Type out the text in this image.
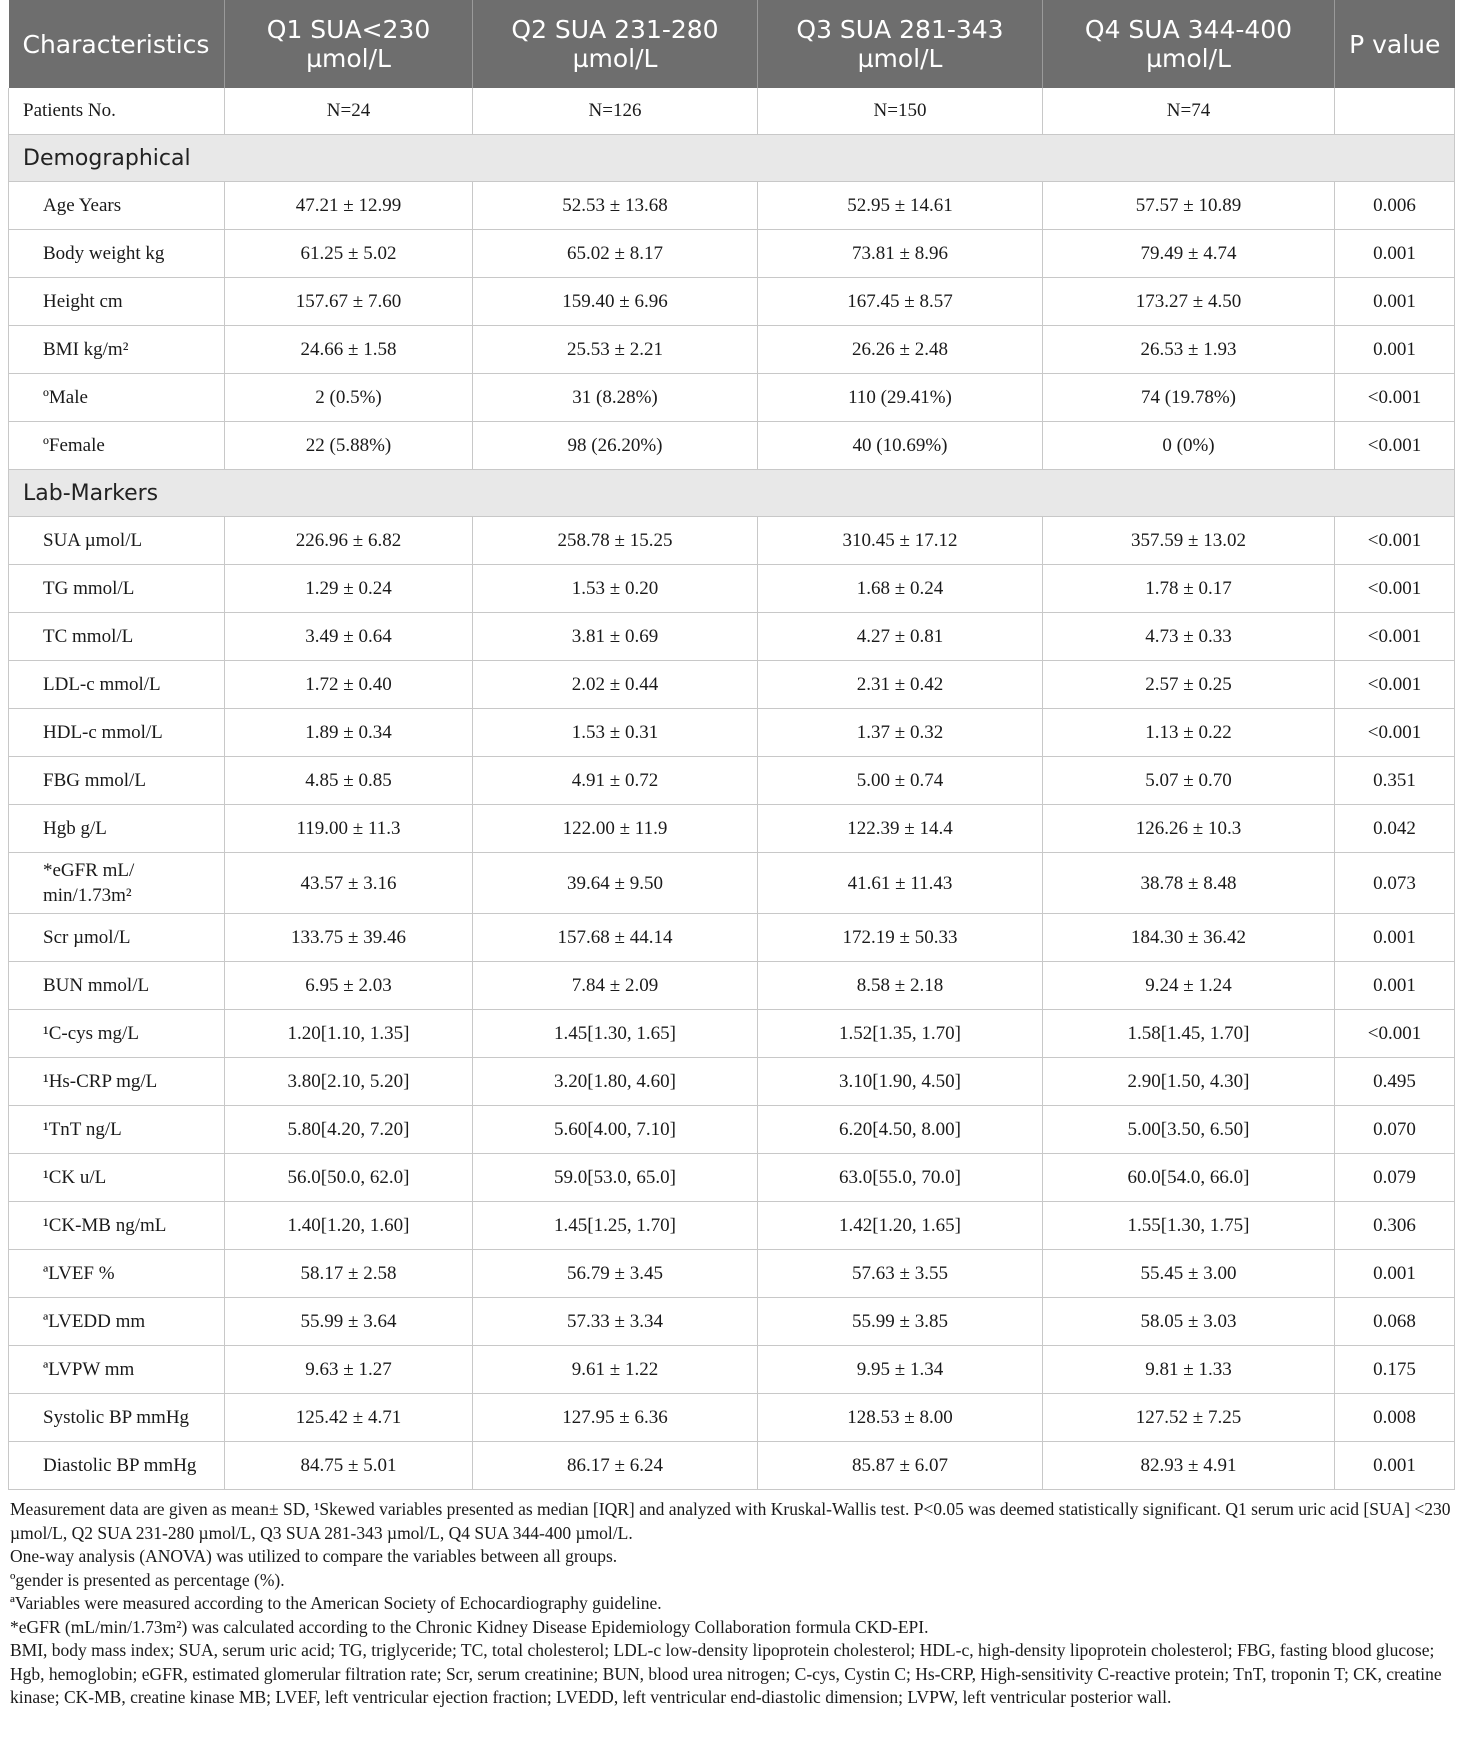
Characteristics	Q1 SUA<230 µmol/L	Q2 SUA 231-280 µmol/L	Q3 SUA 281-343 µmol/L	Q4 SUA 344-400 µmol/L	P value
Patients No.	N=24	N=126	N=150	N=74	
Demographical					
Age Years	47.21 ± 12.99	52.53 ± 13.68	52.95 ± 14.61	57.57 ± 10.89	0.006
Body weight kg	61.25 ± 5.02	65.02 ± 8.17	73.81 ± 8.96	79.49 ± 4.74	0.001
Height cm	157.67 ± 7.60	159.40 ± 6.96	167.45 ± 8.57	173.27 ± 4.50	0.001
BMI kg/m²	24.66 ± 1.58	25.53 ± 2.21	26.26 ± 2.48	26.53 ± 1.93	0.001
ºMale	2 (0.5%)	31 (8.28%)	110 (29.41%)	74 (19.78%)	<0.001
ºFemale	22 (5.88%)	98 (26.20%)	40 (10.69%)	0 (0%)	<0.001
Lab-Markers					
SUA µmol/L	226.96 ± 6.82	258.78 ± 15.25	310.45 ± 17.12	357.59 ± 13.02	<0.001
TG mmol/L	1.29 ± 0.24	1.53 ± 0.20	1.68 ± 0.24	1.78 ± 0.17	<0.001
TC mmol/L	3.49 ± 0.64	3.81 ± 0.69	4.27 ± 0.81	4.73 ± 0.33	<0.001
LDL-c mmol/L	1.72 ± 0.40	2.02 ± 0.44	2.31 ± 0.42	2.57 ± 0.25	<0.001
HDL-c mmol/L	1.89 ± 0.34	1.53 ± 0.31	1.37 ± 0.32	1.13 ± 0.22	<0.001
FBG mmol/L	4.85 ± 0.85	4.91 ± 0.72	5.00 ± 0.74	5.07 ± 0.70	0.351
Hgb g/L	119.00 ± 11.3	122.00 ± 11.9	122.39 ± 14.4	126.26 ± 10.3	0.042
*eGFR mL/ min/1.73m²	43.57 ± 3.16	39.64 ± 9.50	41.61 ± 11.43	38.78 ± 8.48	0.073
Scr µmol/L	133.75 ± 39.46	157.68 ± 44.14	172.19 ± 50.33	184.30 ± 36.42	0.001
BUN mmol/L	6.95 ± 2.03	7.84 ± 2.09	8.58 ± 2.18	9.24 ± 1.24	0.001
¹C-cys mg/L	1.20[1.10, 1.35]	1.45[1.30, 1.65]	1.52[1.35, 1.70]	1.58[1.45, 1.70]	<0.001
¹Hs-CRP mg/L	3.80[2.10, 5.20]	3.20[1.80, 4.60]	3.10[1.90, 4.50]	2.90[1.50, 4.30]	0.495
¹TnT ng/L	5.80[4.20, 7.20]	5.60[4.00, 7.10]	6.20[4.50, 8.00]	5.00[3.50, 6.50]	0.070
¹CK u/L	56.0[50.0, 62.0]	59.0[53.0, 65.0]	63.0[55.0, 70.0]	60.0[54.0, 66.0]	0.079
¹CK-MB ng/mL	1.40[1.20, 1.60]	1.45[1.25, 1.70]	1.42[1.20, 1.65]	1.55[1.30, 1.75]	0.306
ªLVEF %	58.17 ± 2.58	56.79 ± 3.45	57.63 ± 3.55	55.45 ± 3.00	0.001
ªLVEDD mm	55.99 ± 3.64	57.33 ± 3.34	55.99 ± 3.85	58.05 ± 3.03	0.068
ªLVPW mm	9.63 ± 1.27	9.61 ± 1.22	9.95 ± 1.34	9.81 ± 1.33	0.175
Systolic BP mmHg	125.42 ± 4.71	127.95 ± 6.36	128.53 ± 8.00	127.52 ± 7.25	0.008
Diastolic BP mmHg	84.75 ± 5.01	86.17 ± 6.24	85.87 ± 6.07	82.93 ± 4.91	0.001
Measurement data are given as mean± SD, ¹Skewed variables presented as median [IQR] and analyzed with Kruskal-Wallis test. P<0.05 was deemed statistically significant. Q1 serum uric acid [SUA] <230 µmol/L, Q2 SUA 231-280 µmol/L, Q3 SUA 281-343 µmol/L, Q4 SUA 344-400 µmol/L.
One-way analysis (ANOVA) was utilized to compare the variables between all groups.
ºgender is presented as percentage (%).
ªVariables were measured according to the American Society of Echocardiography guideline.
*eGFR (mL/min/1.73m²) was calculated according to the Chronic Kidney Disease Epidemiology Collaboration formula CKD-EPI.
BMI, body mass index; SUA, serum uric acid; TG, triglyceride; TC, total cholesterol; LDL-c low-density lipoprotein cholesterol; HDL-c, high-density lipoprotein cholesterol; FBG, fasting blood glucose; Hgb, hemoglobin; eGFR, estimated glomerular filtration rate; Scr, serum creatinine; BUN, blood urea nitrogen; C-cys, Cystin C; Hs-CRP, High-sensitivity C-reactive protein; TnT, troponin T; CK, creatine kinase; CK-MB, creatine kinase MB; LVEF, left ventricular ejection fraction; LVEDD, left ventricular end-diastolic dimension; LVPW, left ventricular posterior wall.
